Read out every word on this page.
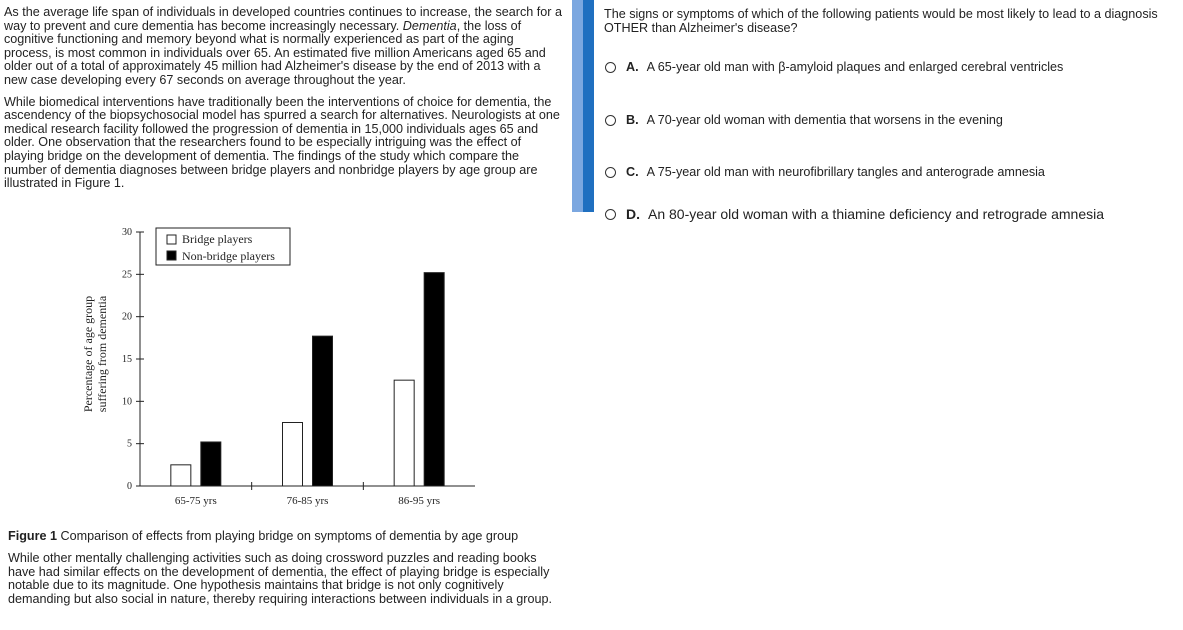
As the average life span of individuals in developed countries continues to increase, the search for a way to prevent and cure dementia has become increasingly necessary. Dementia, the loss of cognitive functioning and memory beyond what is normally experienced as part of the aging process, is most common in individuals over 65. An estimated five million Americans aged 65 and older out of a total of approximately 45 million had Alzheimer's disease by the end of 2013 with a new case developing every 67 seconds on average throughout the year.

While biomedical interventions have traditionally been the interventions of choice for dementia, the ascendency of the biopsychosocial model has spurred a search for alternatives. Neurologists at one medical research facility followed the progression of dementia in 15,000 individuals ages 65 and older. One observation that the researchers found to be especially intriguing was the effect of playing bridge on the development of dementia. The findings of the study which compare the number of dementia diagnoses between bridge players and nonbridge players by age group are illustrated in Figure 1.

Percentage of age group suffering from dementia
0
5
10
15
20
25
30
65-75 yrs	76-85 yrs	86-95 yrs
Bridge players
Non-bridge players
Figure 1 Comparison of effects from playing bridge on symptoms of dementia by age group
While other mentally challenging activities such as doing crossword puzzles and reading books have had similar effects on the development of dementia, the effect of playing bridge is especially notable due to its magnitude. One hypothesis maintains that bridge is not only cognitively demanding but also social in nature, thereby requiring interactions between individuals in a group.
The signs or symptoms of which of the following patients would be most likely to lead to a diagnosis OTHER than Alzheimer's disease?
A. A 65-year old man with β-amyloid plaques and enlarged cerebral ventricles
B. A 70-year old woman with dementia that worsens in the evening
C. A 75-year old man with neurofibrillary tangles and anterograde amnesia
D. An 80-year old woman with a thiamine deficiency and retrograde amnesia
